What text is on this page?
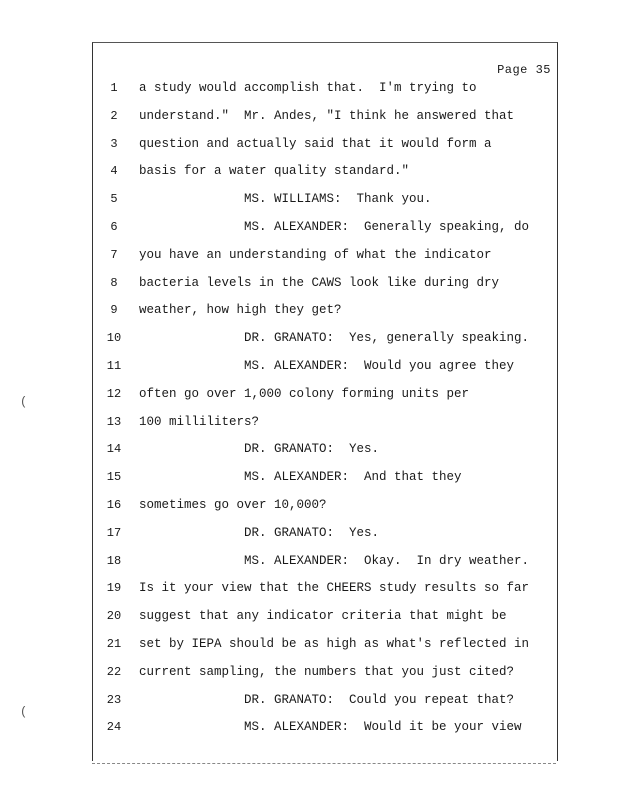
Page 35
1	a study would accomplish that.  I'm trying to
2	understand."  Mr. Andes, "I think he answered that
3	question and actually said that it would form a
4	basis for a water quality standard."
5	MS. WILLIAMS:  Thank you.
6	MS. ALEXANDER:  Generally speaking, do
7	you have an understanding of what the indicator
8	bacteria levels in the CAWS look like during dry
9	weather, how high they get?
10	DR. GRANATO:  Yes, generally speaking.
11	MS. ALEXANDER:  Would you agree they
12	often go over 1,000 colony forming units per
13	100 milliliters?
14	DR. GRANATO:  Yes.
15	MS. ALEXANDER:  And that they
16	sometimes go over 10,000?
17	DR. GRANATO:  Yes.
18	MS. ALEXANDER:  Okay.  In dry weather.
19	Is it your view that the CHEERS study results so far
20	suggest that any indicator criteria that might be
21	set by IEPA should be as high as what's reflected in
22	current sampling, the numbers that you just cited?
23	DR. GRANATO:  Could you repeat that?
24	MS. ALEXANDER:  Would it be your view
(
(
